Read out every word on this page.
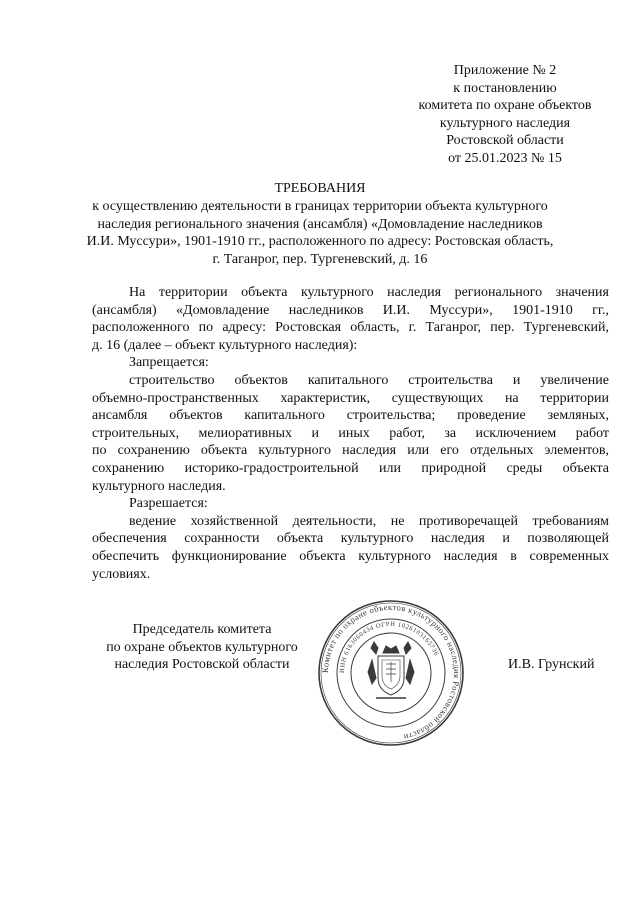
Приложение № 2
к постановлению
комитета по охране объектов
культурного наследия
Ростовской области
от 25.01.2023 № 15
ТРЕБОВАНИЯ
к осуществлению деятельности в границах территории объекта культурного
наследия регионального значения (ансамбля) «Домовладение наследников
И.И. Муссури», 1901-1910 гг., расположенного по адресу: Ростовская область,
г. Таганрог, пер. Тургеневский, д. 16
На территории объекта культурного наследия регионального значения
(ансамбля) «Домовладение наследников И.И. Муссури», 1901-1910 гг.,
расположенного по адресу: Ростовская область, г. Таганрог, пер. Тургеневский,
д. 16 (далее – объект культурного наследия):
Запрещается:
строительство объектов капитального строительства и увеличение
объемно-пространственных характеристик, существующих на территории
ансамбля объектов капитального строительства; проведение земляных,
строительных, мелиоративных и иных работ, за исключением работ
по сохранению объекта культурного наследия или его отдельных элементов,
сохранению историко-градостроительной или природной среды объекта
культурного наследия.
Разрешается:
ведение хозяйственной деятельности, не противоречащей требованиям
обеспечения сохранности объекта культурного наследия и позволяющей
обеспечить функционирование объекта культурного наследия в современных
условиях.
Председатель комитета
по охране объектов культурного
наследия Ростовской области	Комитет по охране объектов культурного наследия Ростовской области
ИНН 6163060434 ОГРН 1026103165736
И.В. Грунский
